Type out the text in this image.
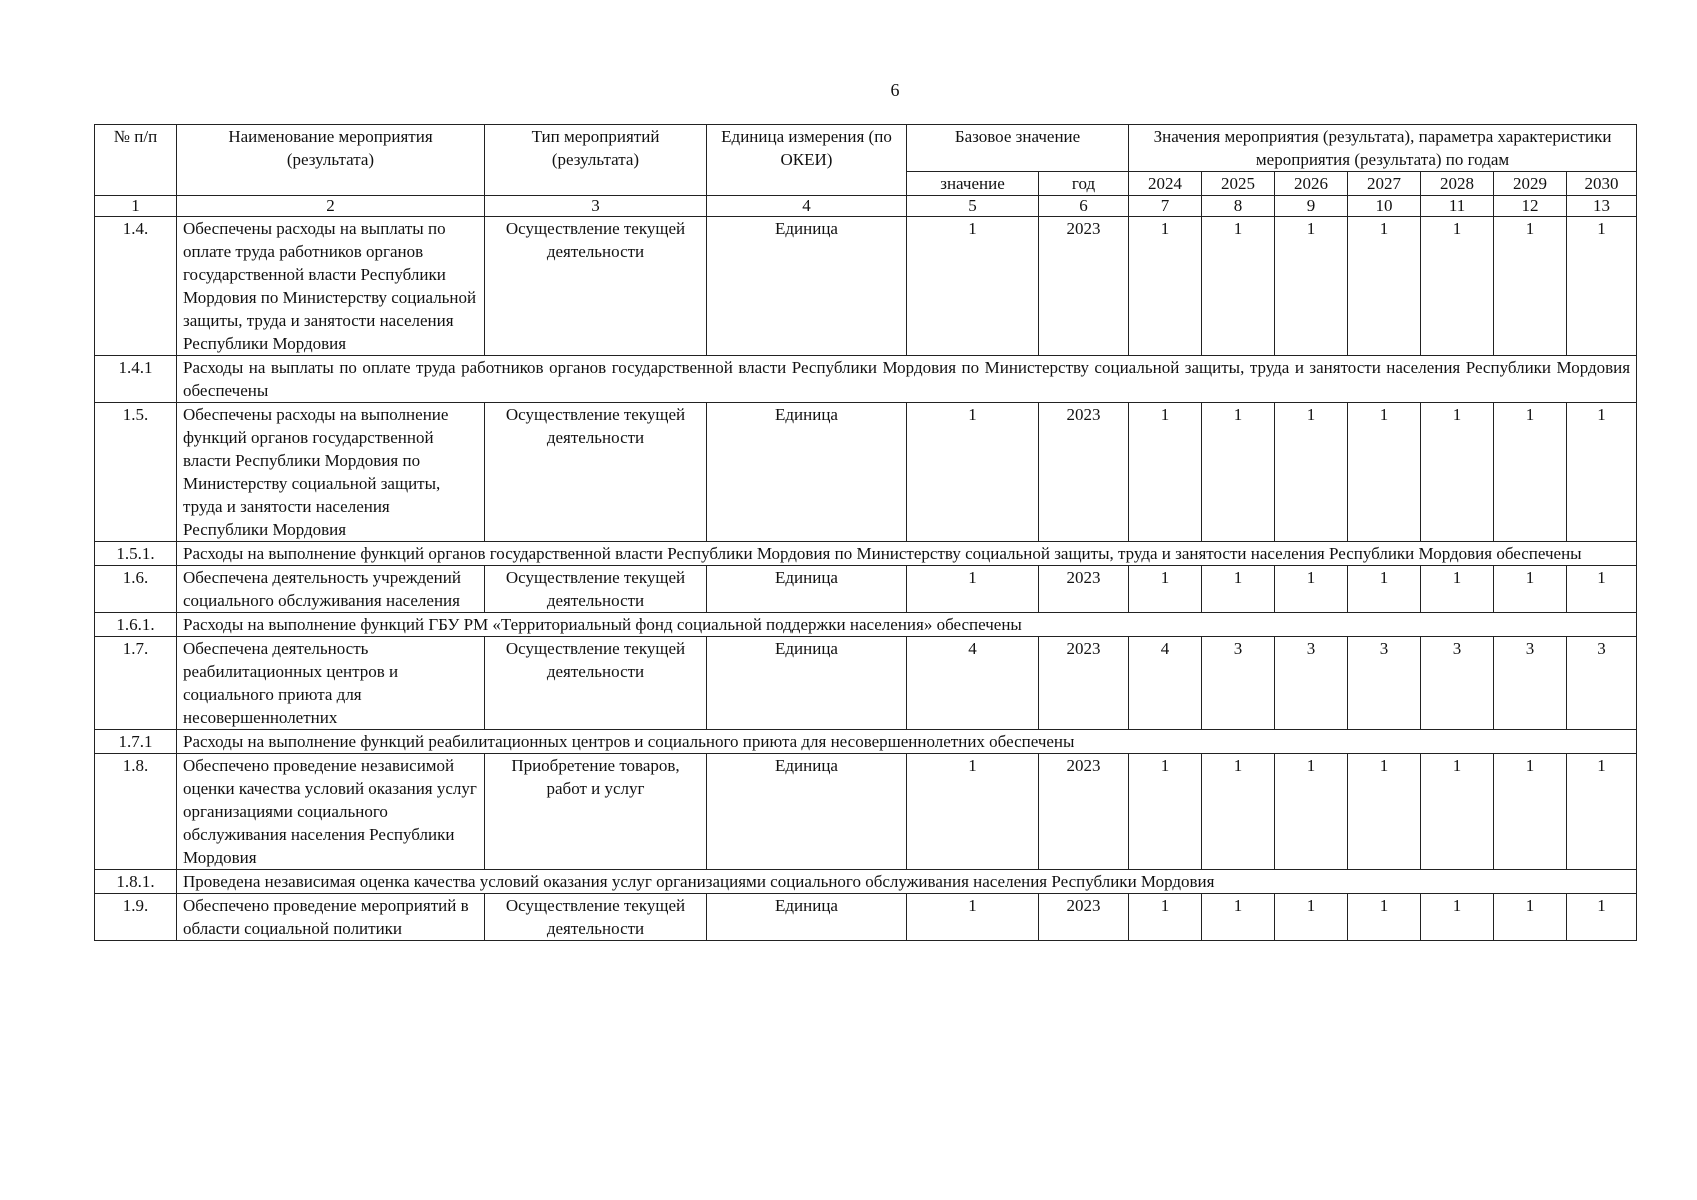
6
№ п/п	Наименование мероприятия (результата)	Тип мероприятий (результата)	Единица измерения (по ОКЕИ)	Базовое значение		Значения мероприятия (результата), параметра характеристики мероприятия (результата) по годам						
				значение	год	2024	2025	2026	2027	2028	2029	2030
1	2	3	4	5	6	7	8	9	10	11	12	13
1.4.	Обеспечены расходы на выплаты по оплате труда работников органов государственной власти Республики Мордовия по Министерству социальной защиты, труда и занятости населения Республики Мордовия	Осуществление текущей деятельности	Единица	1	2023	1	1	1	1	1	1	1
1.4.1	Расходы на выплаты по оплате труда работников органов государственной власти Республики Мордовия по Министерству социальной защиты, труда и занятости населения Республики Мордовия обеспечены											
1.5.	Обеспечены расходы на выполнение функций органов государственной власти Республики Мордовия по Министерству социальной защиты, труда и занятости населения Республики Мордовия	Осуществление текущей деятельности	Единица	1	2023	1	1	1	1	1	1	1
1.5.1.	Расходы на выполнение функций органов государственной власти Республики Мордовия по Министерству социальной защиты, труда и занятости населения Республики Мордовия обеспечены											
1.6.	Обеспечена деятельность учреждений социального обслуживания населения	Осуществление текущей деятельности	Единица	1	2023	1	1	1	1	1	1	1
1.6.1.	Расходы на выполнение функций ГБУ РМ «Территориальный фонд социальной поддержки населения» обеспечены											
1.7.	Обеспечена деятельность реабилитационных центров и социального приюта для несовершеннолетних	Осуществление текущей деятельности	Единица	4	2023	4	3	3	3	3	3	3
1.7.1	Расходы на выполнение функций реабилитационных центров и социального приюта для несовершеннолетних обеспечены											
1.8.	Обеспечено проведение независимой оценки качества условий оказания услуг организациями социального обслуживания населения Республики Мордовия	Приобретение товаров, работ и услуг	Единица	1	2023	1	1	1	1	1	1	1
1.8.1.	Проведена независимая оценка качества условий оказания услуг организациями социального обслуживания населения Республики Мордовия											
1.9.	Обеспечено проведение мероприятий в области социальной политики	Осуществление текущей деятельности	Единица	1	2023	1	1	1	1	1	1	1
